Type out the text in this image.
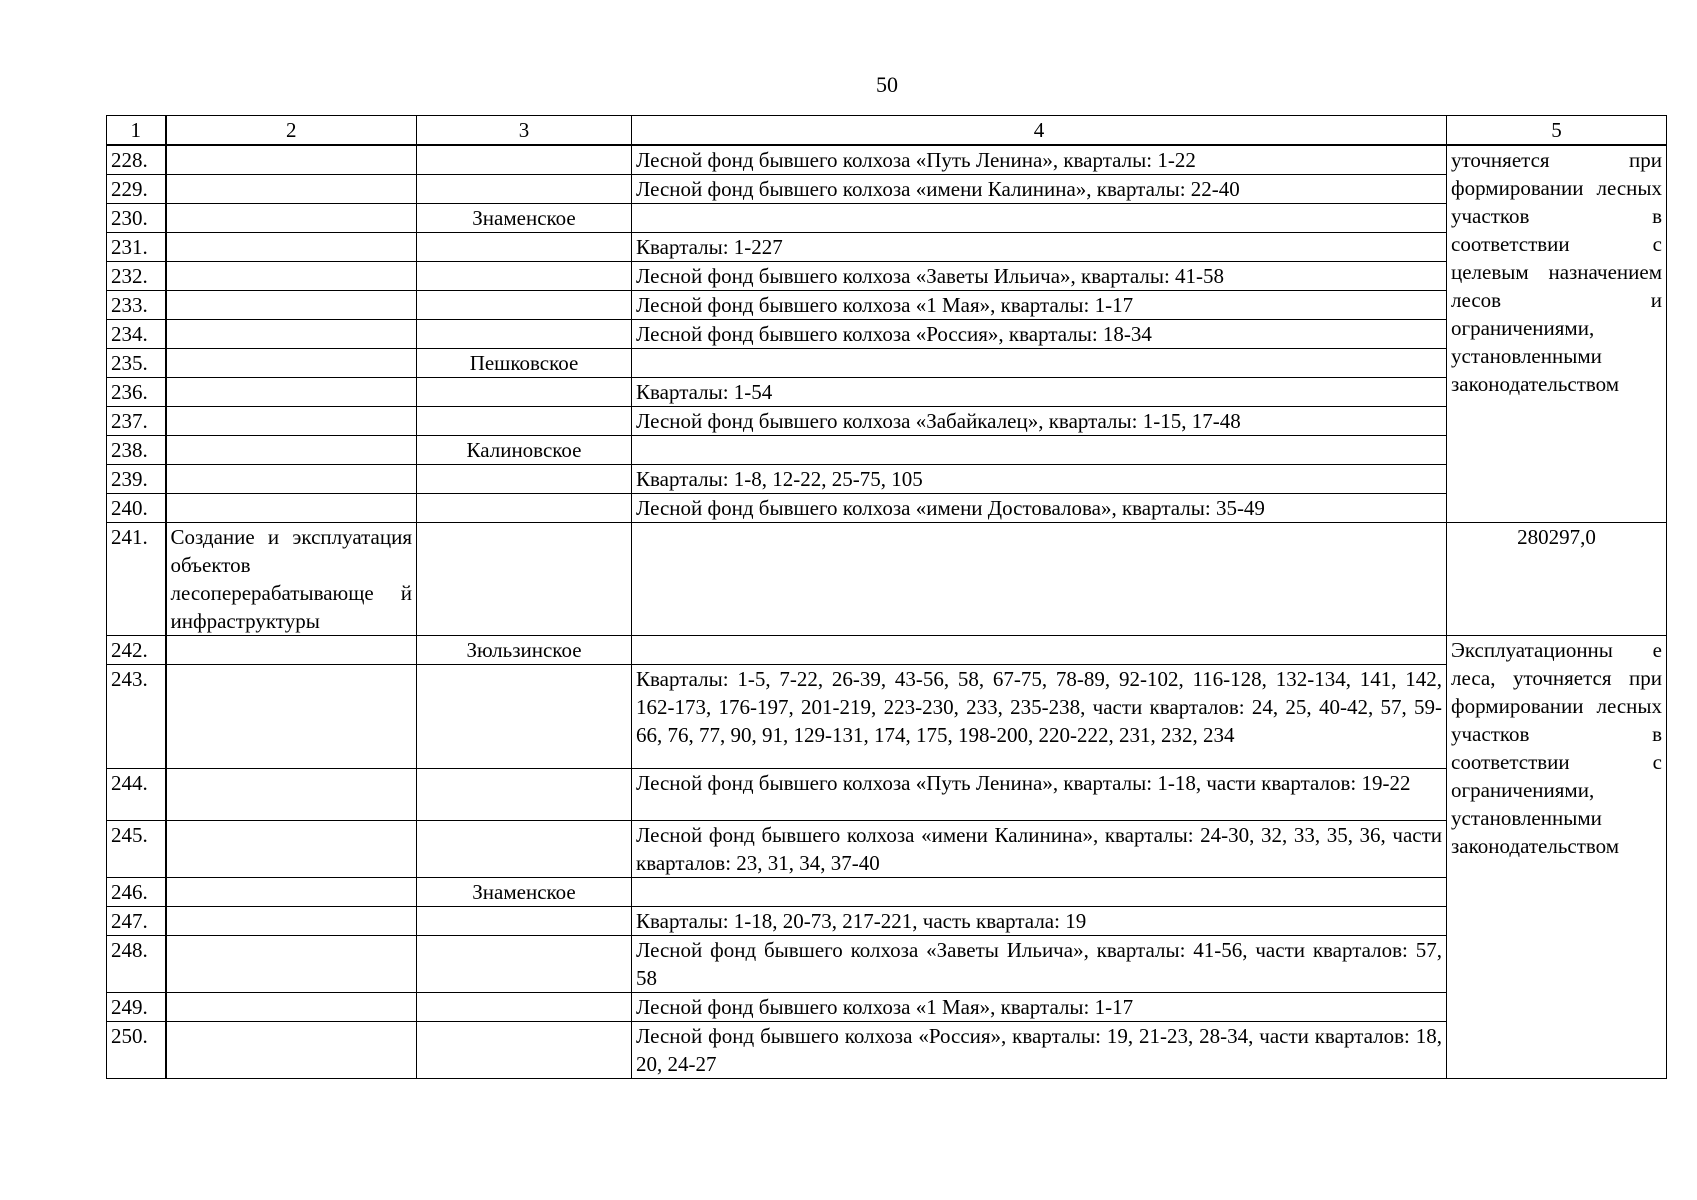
50
1	2	3	4	5
228.			Лесной фонд бывшего колхоза «Путь Ленина», кварталы: 1-22	уточняется при формировании лесных участков в соответствии с целевым назначением лесов и ограничениями, установленными законодательством

229.			Лесной фонд бывшего колхоза «имени Калинина», кварталы: 22-40	
230.		Знаменское		
231.			Кварталы: 1-227	
232.			Лесной фонд бывшего колхоза «Заветы Ильича», кварталы: 41-58	
233.			Лесной фонд бывшего колхоза «1 Мая», кварталы: 1-17	
234.			Лесной фонд бывшего колхоза «Россия», кварталы: 18-34	
235.		Пешковское		
236.			Кварталы: 1-54	
237.			Лесной фонд бывшего колхоза «Забайкалец», кварталы: 1-15, 17-48	
238.		Калиновское		
239.			Кварталы: 1-8, 12-22, 25-75, 105	
240.			Лесной фонд бывшего колхоза «имени Достовалова», кварталы: 35-49	
241.	Создание и эксплуатация объектов лесоперерабатывающе й инфраструктуры			280297,0
242.		Зюльзинское		Эксплуатационны е леса, уточняется при формировании лесных участков в соответствии с ограничениями, установленными законодательством

243.			Кварталы: 1-5, 7-22, 26-39, 43-56, 58, 67-75, 78-89, 92-102, 116-128, 132-134, 141, 142, 162-173, 176-197, 201-219, 223-230, 233, 235-238, части кварталов: 24, 25, 40-42, 57, 59-66, 76, 77, 90, 91, 129-131, 174, 175, 198-200, 220-222, 231, 232, 234	
244.			Лесной фонд бывшего колхоза «Путь Ленина», кварталы: 1-18, части кварталов: 19-22	
245.			Лесной фонд бывшего колхоза «имени Калинина», кварталы: 24-30, 32, 33, 35, 36, части кварталов: 23, 31, 34, 37-40	
246.		Знаменское		
247.			Кварталы: 1-18, 20-73, 217-221, часть квартала: 19	
248.			Лесной фонд бывшего колхоза «Заветы Ильича», кварталы: 41-56, части кварталов: 57, 58	
249.			Лесной фонд бывшего колхоза «1 Мая», кварталы: 1-17	
250.			Лесной фонд бывшего колхоза «Россия», кварталы: 19, 21-23, 28-34, части кварталов: 18, 20, 24-27	
